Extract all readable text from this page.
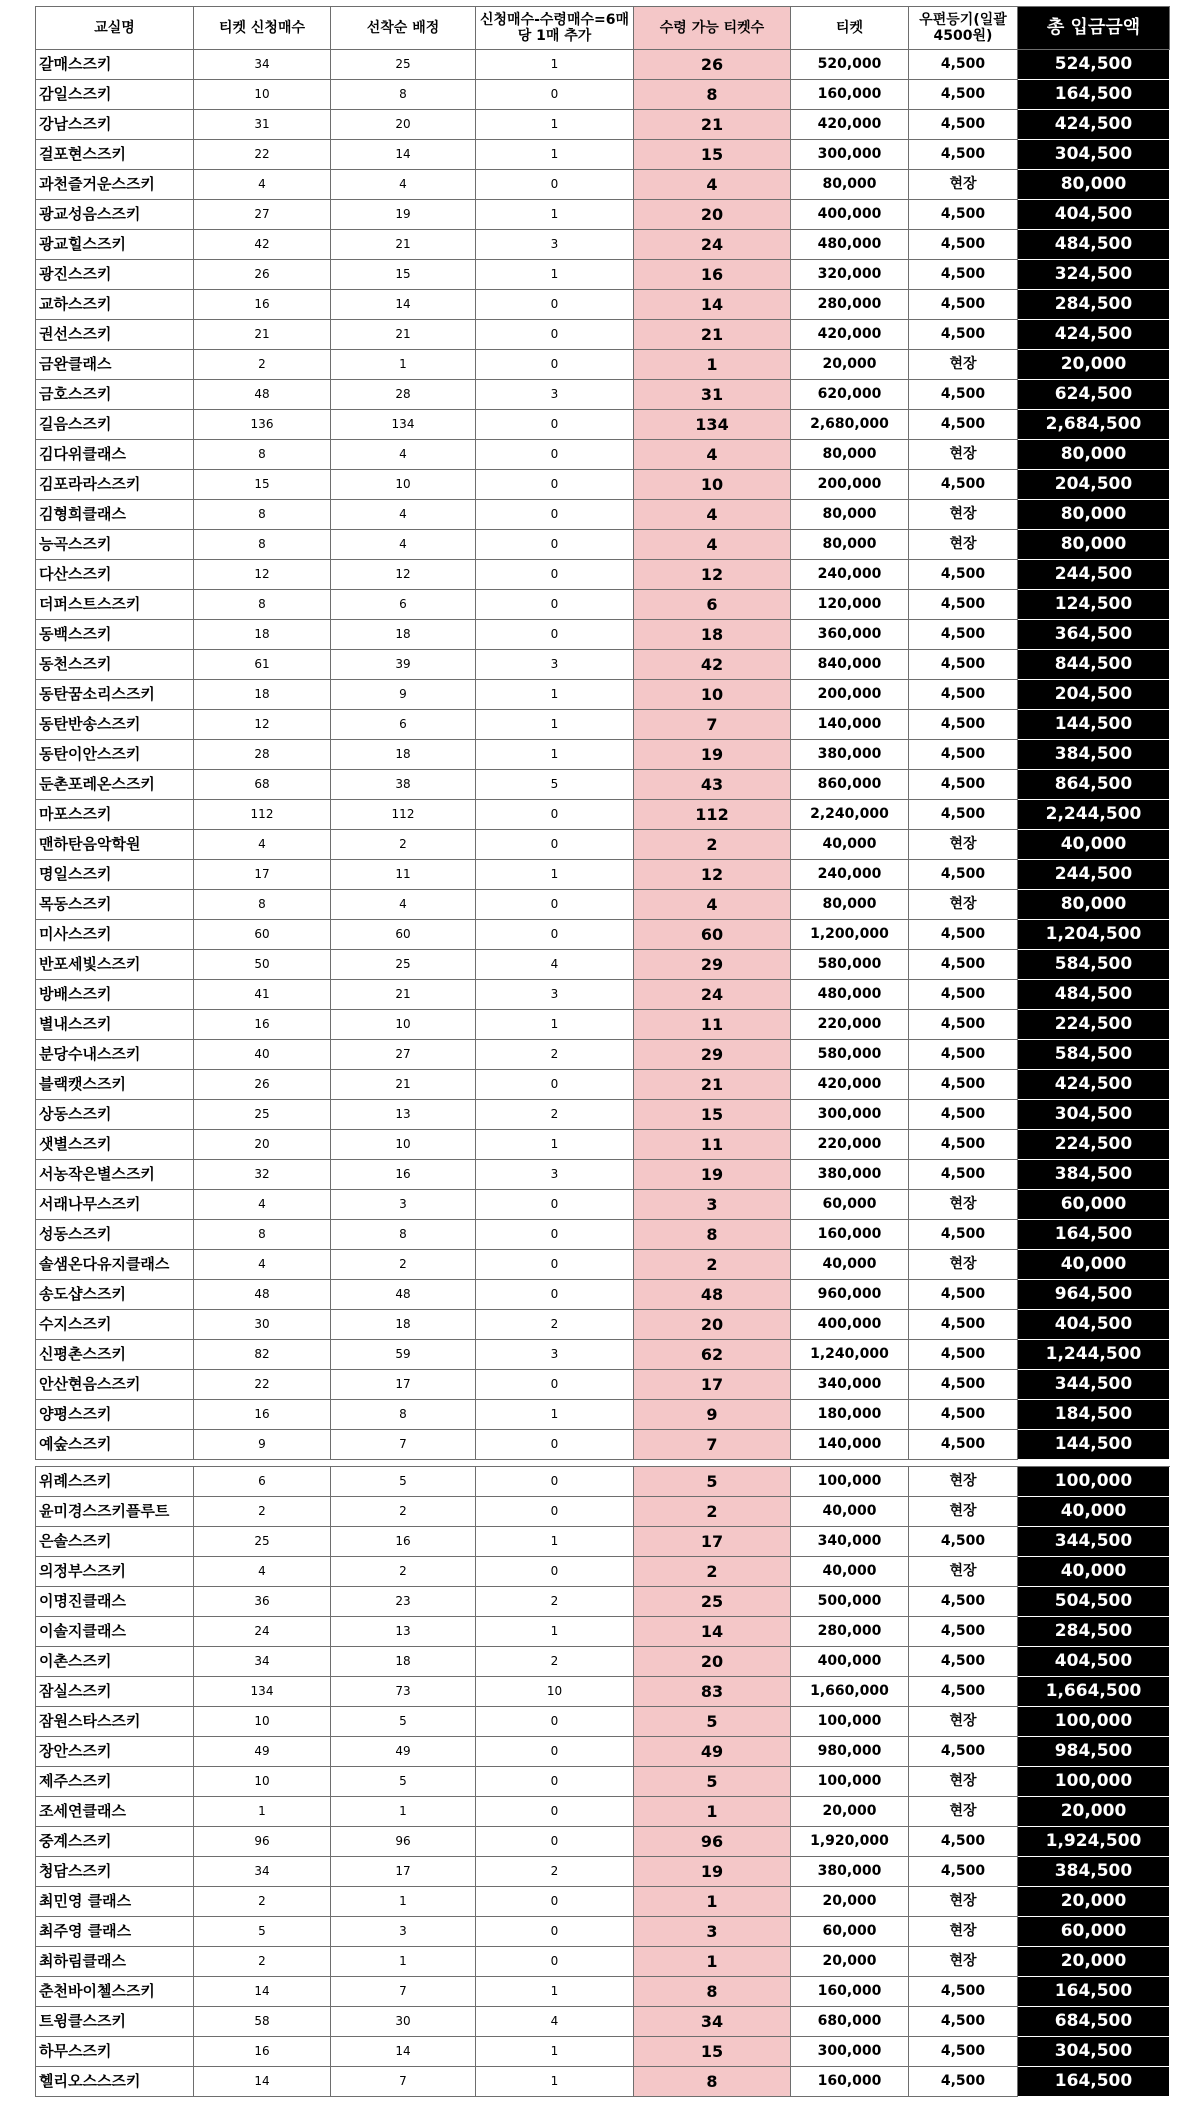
교실명	티켓 신청매수	선착순 배정	신청매수-수령매수=6매당 1매 추가	수령 가능 티켓수	티켓	우편등기(일괄4500원)	총 입금금액
갈매스즈키	34	25	1	26	520,000	4,500	524,500
감일스즈키	10	8	0	8	160,000	4,500	164,500
강남스즈키	31	20	1	21	420,000	4,500	424,500
걸포현스즈키	22	14	1	15	300,000	4,500	304,500
과천즐거운스즈키	4	4	0	4	80,000	현장	80,000
광교성음스즈키	27	19	1	20	400,000	4,500	404,500
광교힐스즈키	42	21	3	24	480,000	4,500	484,500
광진스즈키	26	15	1	16	320,000	4,500	324,500
교하스즈키	16	14	0	14	280,000	4,500	284,500
권선스즈키	21	21	0	21	420,000	4,500	424,500
금완클래스	2	1	0	1	20,000	현장	20,000
금호스즈키	48	28	3	31	620,000	4,500	624,500
길음스즈키	136	134	0	134	2,680,000	4,500	2,684,500
김다위클래스	8	4	0	4	80,000	현장	80,000
김포라라스즈키	15	10	0	10	200,000	4,500	204,500
김형희클래스	8	4	0	4	80,000	현장	80,000
능곡스즈키	8	4	0	4	80,000	현장	80,000
다산스즈키	12	12	0	12	240,000	4,500	244,500
더퍼스트스즈키	8	6	0	6	120,000	4,500	124,500
동백스즈키	18	18	0	18	360,000	4,500	364,500
동천스즈키	61	39	3	42	840,000	4,500	844,500
동탄꿈소리스즈키	18	9	1	10	200,000	4,500	204,500
동탄반송스즈키	12	6	1	7	140,000	4,500	144,500
동탄이안스즈키	28	18	1	19	380,000	4,500	384,500
둔촌포레온스즈키	68	38	5	43	860,000	4,500	864,500
마포스즈키	112	112	0	112	2,240,000	4,500	2,244,500
맨하탄음악학원	4	2	0	2	40,000	현장	40,000
명일스즈키	17	11	1	12	240,000	4,500	244,500
목동스즈키	8	4	0	4	80,000	현장	80,000
미사스즈키	60	60	0	60	1,200,000	4,500	1,204,500
반포세빛스즈키	50	25	4	29	580,000	4,500	584,500
방배스즈키	41	21	3	24	480,000	4,500	484,500
별내스즈키	16	10	1	11	220,000	4,500	224,500
분당수내스즈키	40	27	2	29	580,000	4,500	584,500
블랙캣스즈키	26	21	0	21	420,000	4,500	424,500
상동스즈키	25	13	2	15	300,000	4,500	304,500
샛별스즈키	20	10	1	11	220,000	4,500	224,500
서농작은별스즈키	32	16	3	19	380,000	4,500	384,500
서래나무스즈키	4	3	0	3	60,000	현장	60,000
성동스즈키	8	8	0	8	160,000	4,500	164,500
솔샘온다유지클래스	4	2	0	2	40,000	현장	40,000
송도샵스즈키	48	48	0	48	960,000	4,500	964,500
수지스즈키	30	18	2	20	400,000	4,500	404,500
신평촌스즈키	82	59	3	62	1,240,000	4,500	1,244,500
안산현음스즈키	22	17	0	17	340,000	4,500	344,500
양평스즈키	16	8	1	9	180,000	4,500	184,500
예숲스즈키	9	7	0	7	140,000	4,500	144,500

위례스즈키	6	5	0	5	100,000	현장	100,000
윤미경스즈키플루트	2	2	0	2	40,000	현장	40,000
은솔스즈키	25	16	1	17	340,000	4,500	344,500
의정부스즈키	4	2	0	2	40,000	현장	40,000
이명진클래스	36	23	2	25	500,000	4,500	504,500
이솔지클래스	24	13	1	14	280,000	4,500	284,500
이촌스즈키	34	18	2	20	400,000	4,500	404,500
잠실스즈키	134	73	10	83	1,660,000	4,500	1,664,500
잠원스타스즈키	10	5	0	5	100,000	현장	100,000
장안스즈키	49	49	0	49	980,000	4,500	984,500
제주스즈키	10	5	0	5	100,000	현장	100,000
조세연클래스	1	1	0	1	20,000	현장	20,000
중계스즈키	96	96	0	96	1,920,000	4,500	1,924,500
청담스즈키	34	17	2	19	380,000	4,500	384,500
최민영 클래스	2	1	0	1	20,000	현장	20,000
최주영 클래스	5	3	0	3	60,000	현장	60,000
최하림클래스	2	1	0	1	20,000	현장	20,000
춘천바이첼스즈키	14	7	1	8	160,000	4,500	164,500
트윙클스즈키	58	30	4	34	680,000	4,500	684,500
하무스즈키	16	14	1	15	300,000	4,500	304,500
헬리오스스즈키	14	7	1	8	160,000	4,500	164,500
